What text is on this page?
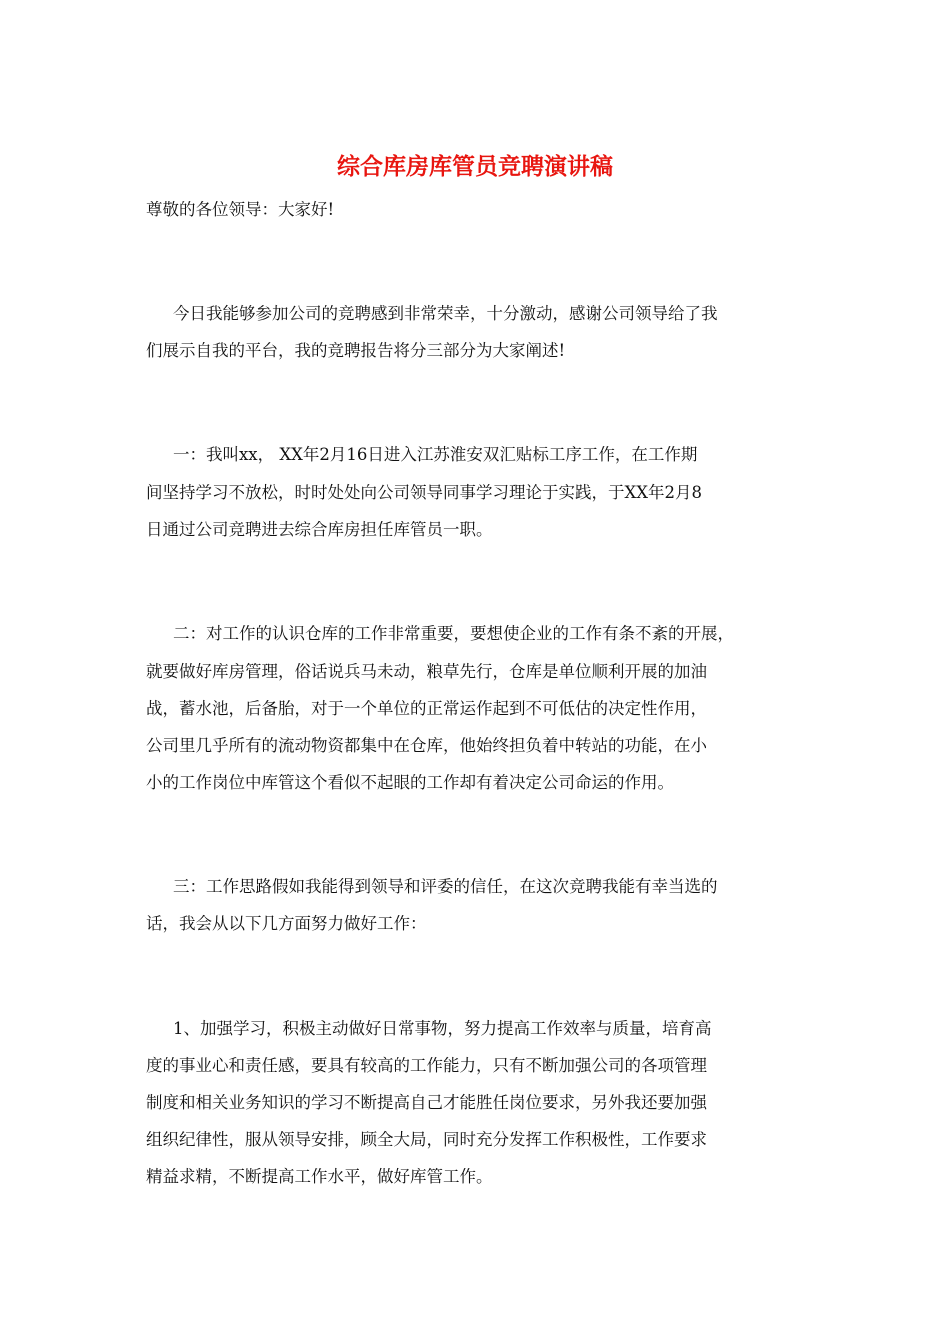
综合库房库管员竞聘演讲稿

尊敬的各位领导：大家好!

今日我能够参加公司的竞聘感到非常荣幸，十分激动，感谢公司领导给了我

们展示自我的平台，我的竞聘报告将分三部分为大家阐述!

一：我叫xx， XX年2月16日进入江苏淮安双汇贴标工序工作，在工作期

间坚持学习不放松，时时处处向公司领导同事学习理论于实践，于XX年2月8

日通过公司竞聘进去综合库房担任库管员一职。

二：对工作的认识仓库的工作非常重要，要想使企业的工作有条不紊的开展，

就要做好库房管理，俗话说兵马未动，粮草先行，仓库是单位顺利开展的加油

战，蓄水池，后备胎，对于一个单位的正常运作起到不可低估的决定性作用，

公司里几乎所有的流动物资都集中在仓库，他始终担负着中转站的功能，在小

小的工作岗位中库管这个看似不起眼的工作却有着决定公司命运的作用。

三：工作思路假如我能得到领导和评委的信任，在这次竞聘我能有幸当选的

话，我会从以下几方面努力做好工作：

1、加强学习，积极主动做好日常事物，努力提高工作效率与质量，培育高

度的事业心和责任感，要具有较高的工作能力，只有不断加强公司的各项管理

制度和相关业务知识的学习不断提高自己才能胜任岗位要求，另外我还要加强

组织纪律性，服从领导安排，顾全大局，同时充分发挥工作积极性，工作要求

精益求精，不断提高工作水平，做好库管工作。
